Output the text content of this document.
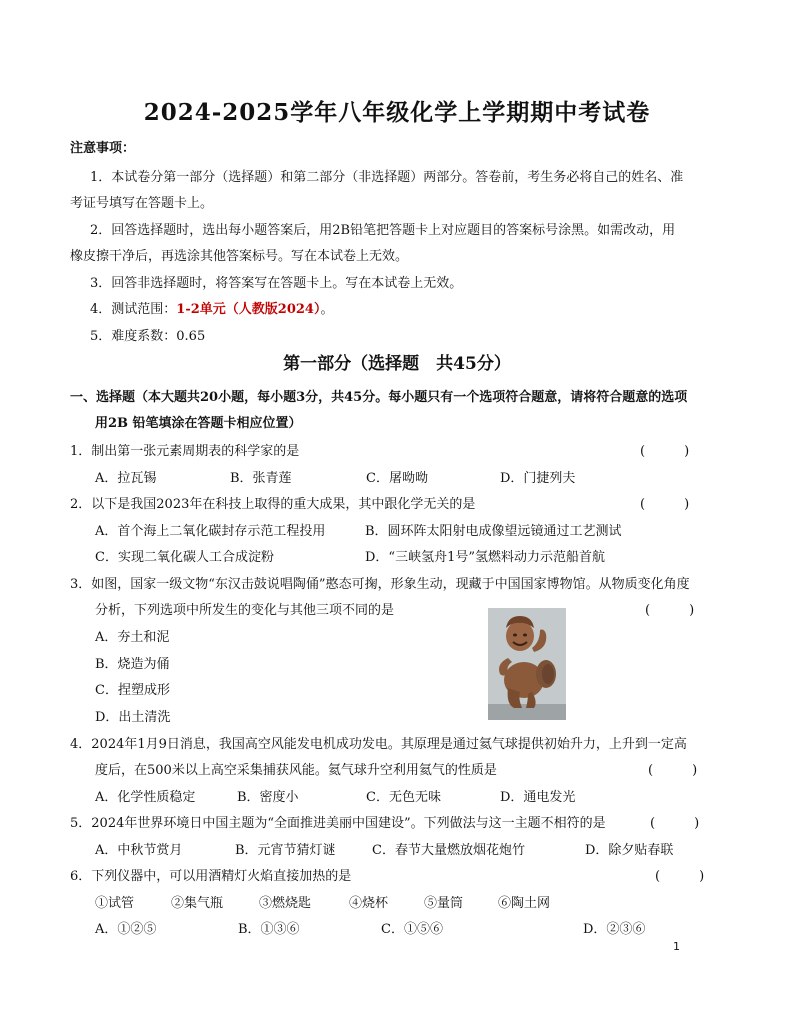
2024-2025学年八年级化学上学期期中考试卷
注意事项：
1．本试卷分第一部分（选择题）和第二部分（非选择题）两部分。答卷前，考生务必将自己的姓名、准
考证号填写在答题卡上。
2．回答选择题时，选出每小题答案后，用2B铅笔把答题卡上对应题目的答案标号涂黑。如需改动，用
橡皮擦干净后，再选涂其他答案标号。写在本试卷上无效。
3．回答非选择题时，将答案写在答题卡上。写在本试卷上无效。
4．测试范围：1-2单元（人教版2024）。
5．难度系数：0.65
第一部分（选择题　共45分）
一、选择题（本大题共20小题，每小题3分，共45分。每小题只有一个选项符合题意，请将符合题意的选项
用2B 铅笔填涂在答题卡相应位置）
1．制出第一张元素周期表的科学家的是	(　　　)
A．拉瓦锡	B．张青莲	C．屠呦呦	D．门捷列夫
2．以下是我国2023年在科技上取得的重大成果，其中跟化学无关的是	(　　　)
A．首个海上二氧化碳封存示范工程投用	B．圆环阵太阳射电成像望远镜通过工艺测试
C．实现二氧化碳人工合成淀粉	D．“三峡氢舟1号”氢燃料动力示范船首航
3．如图，国家一级文物“东汉击鼓说唱陶俑”憨态可掬，形象生动，现藏于中国国家博物馆。从物质变化角度
分析，下列选项中所发生的变化与其他三项不同的是	(　　　)
A．夯土和泥
B．烧造为俑
C．捏塑成形
D．出土清洗
4．2024年1月9日消息，我国高空风能发电机成功发电。其原理是通过氦气球提供初始升力，上升到一定高
度后，在500米以上高空采集捕获风能。氦气球升空利用氦气的性质是	(　　　)
A．化学性质稳定	B．密度小	C．无色无味	D．通电发光
5．2024年世界环境日中国主题为“全面推进美丽中国建设”。下列做法与这一主题不相符的是	(　　　)
A．中秋节赏月	B．元宵节猜灯谜	C．春节大量燃放烟花炮竹	D．除夕贴春联
6．下列仪器中，可以用酒精灯火焰直接加热的是	(　　　)
①试管	②集气瓶	③燃烧匙	④烧杯	⑤量筒	⑥陶土网
A．①②⑤	B．①③⑥	C．①⑤⑥	D．②③⑥
1
